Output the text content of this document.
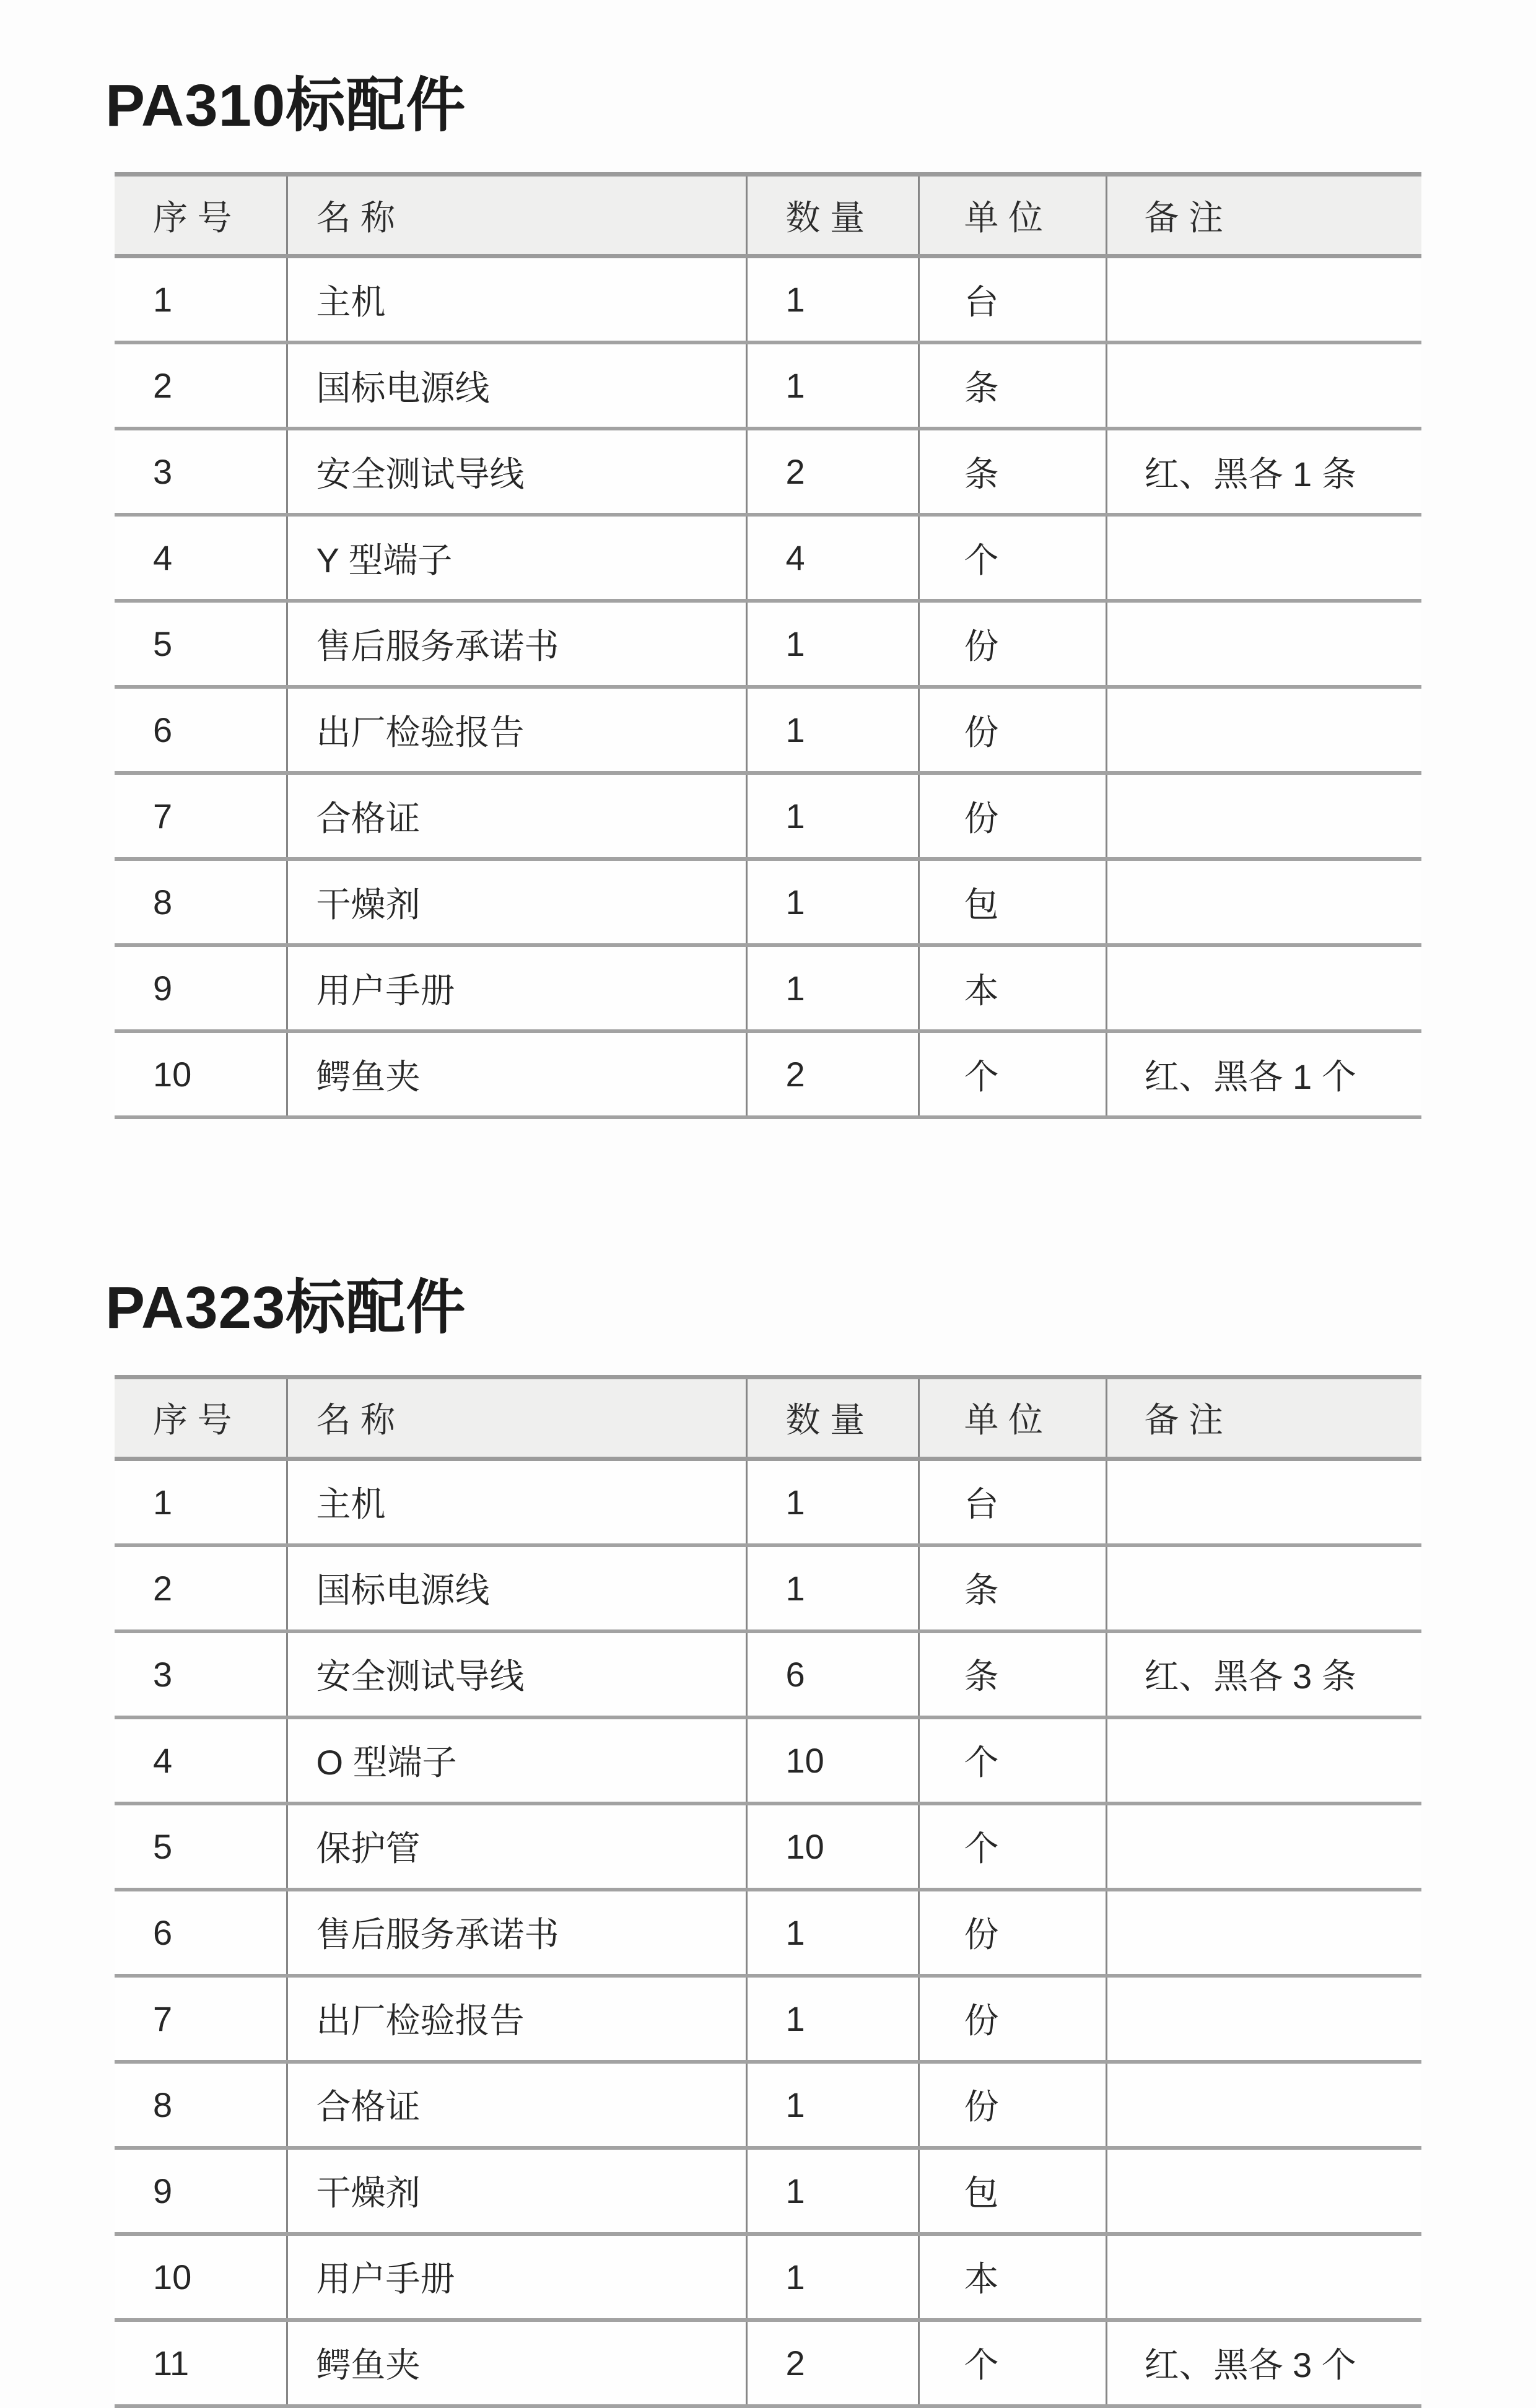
PA310标配件
序 号	名 称	数 量	单 位	备 注
1	主机	1	台	
2	国标电源线	1	条	
3	安全测试导线	2	条	红、黑各 1 条
4	Y 型端子	4	个	
5	售后服务承诺书	1	份	
6	出厂检验报告	1	份	
7	合格证	1	份	
8	干燥剂	1	包	
9	用户手册	1	本	
10	鳄鱼夹	2	个	红、黑各 1 个
PA323标配件
序 号	名 称	数 量	单 位	备 注
1	主机	1	台	
2	国标电源线	1	条	
3	安全测试导线	6	条	红、黑各 3 条
4	O 型端子	10	个	
5	保护管	10	个	
6	售后服务承诺书	1	份	
7	出厂检验报告	1	份	
8	合格证	1	份	
9	干燥剂	1	包	
10	用户手册	1	本	
11	鳄鱼夹	2	个	红、黑各 3 个
